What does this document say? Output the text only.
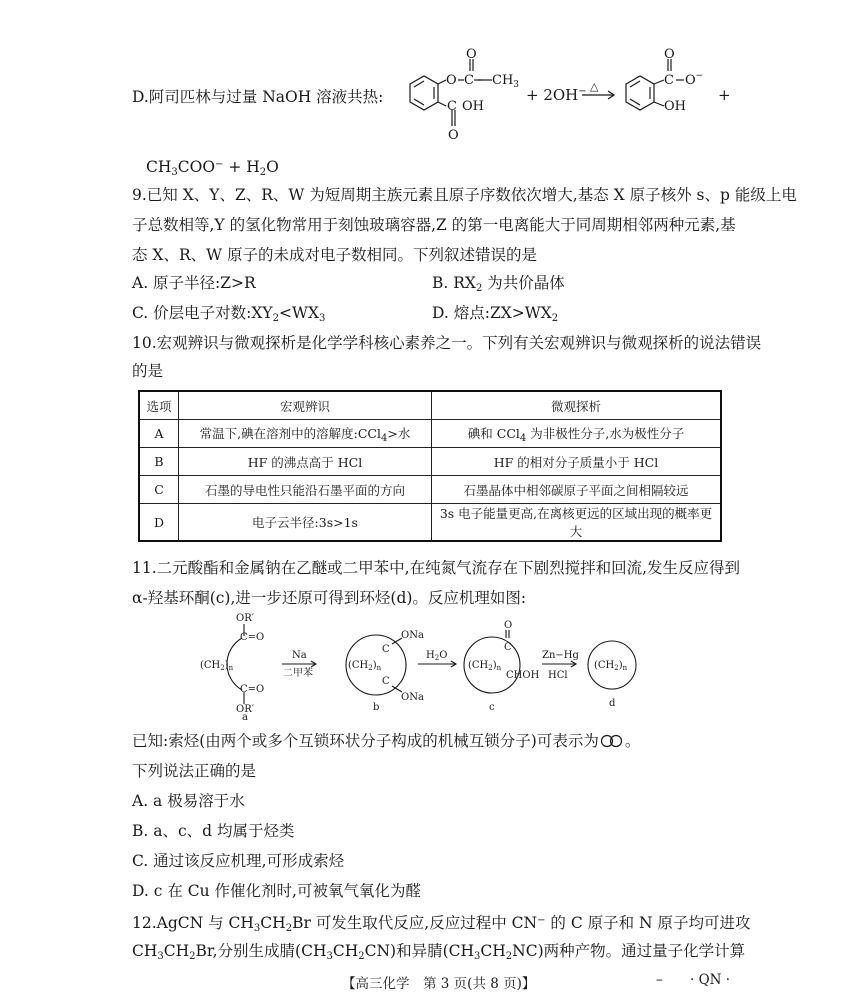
D.阿司匹林与过量 NaOH 溶液共热:
O
O C $CH_3$
C OH
O
+ 2OH− △
O
C O−
OH
+
$CH_3COO^- + H_2O$
9.已知 X、Y、Z、R、W 为短周期主族元素且原子序数依次增大,基态 X 原子核外 s、p 能级上电
子总数相等,Y 的氢化物常用于刻蚀玻璃容器,Z 的第一电离能大于同周期相邻两种元素,基
态 X、R、W 原子的未成对电子数相同。下列叙述错误的是
A. 原子半径:Z>R	B. $RX_2$ 为共价晶体
C. 价层电子对数$:XY_2<WX_3$	D. 熔点$:ZX>WX_2$
10.宏观辨识与微观探析是化学学科核心素养之一。下列有关宏观辨识与微观探析的说法错误
的是
选项	宏观辨识	微观探析
A	常温下,碘在溶剂中的溶解度:CCl$_4$>水	碘和 CCl$_4$ 为非极性分子,水为极性分子
B	HF 的沸点高于 HCl	HF 的相对分子质量小于 HCl
C	石墨的导电性只能沿石墨平面的方向	石墨晶体中相邻碳原子平面之间相隔较远
D	电子云半径:3s>1s	3s 电子能量更高,在离核更远的区域出现的概率更大
11.二元酸酯和金属钠在乙醚或二甲苯中,在纯氮气流存在下剧烈搅拌和回流,发生反应得到
α-羟基环酮(c),进一步还原可得到环烃(d)。反应机理如图:
OR′
C=O
$(CH_2)_n$
C=O
OR′
a
Na
二甲苯
$(CH_2)_n$
C
C
ONa
ONa
b
$H_2O$
$(CH_2)_n$
O
C
CHOH
c
Zn−Hg
HCl
$(CH_2)_n$
d
已知:索烃(由两个或多个互锁环状分子构成的机械互锁分子)可表示为 。
下列说法正确的是
A. a 极易溶于水
B. a、c、d 均属于烃类
C. 通过该反应机理,可形成索烃
D. c 在 Cu 作催化剂时,可被氧气氧化为醛
12.AgCN 与 $CH_3CH_2Br$ 可发生取代反应,反应过程中 CN− 的 C 原子和 N 原子均可进攻
$CH_3CH_2Br$,分别生成腈$(CH_3CH_2CN)$和异腈$(CH_3CH_2NC)$两种产物。通过量子化学计算
【高三化学　第 3 页(共 8 页)】	– · QN ·
